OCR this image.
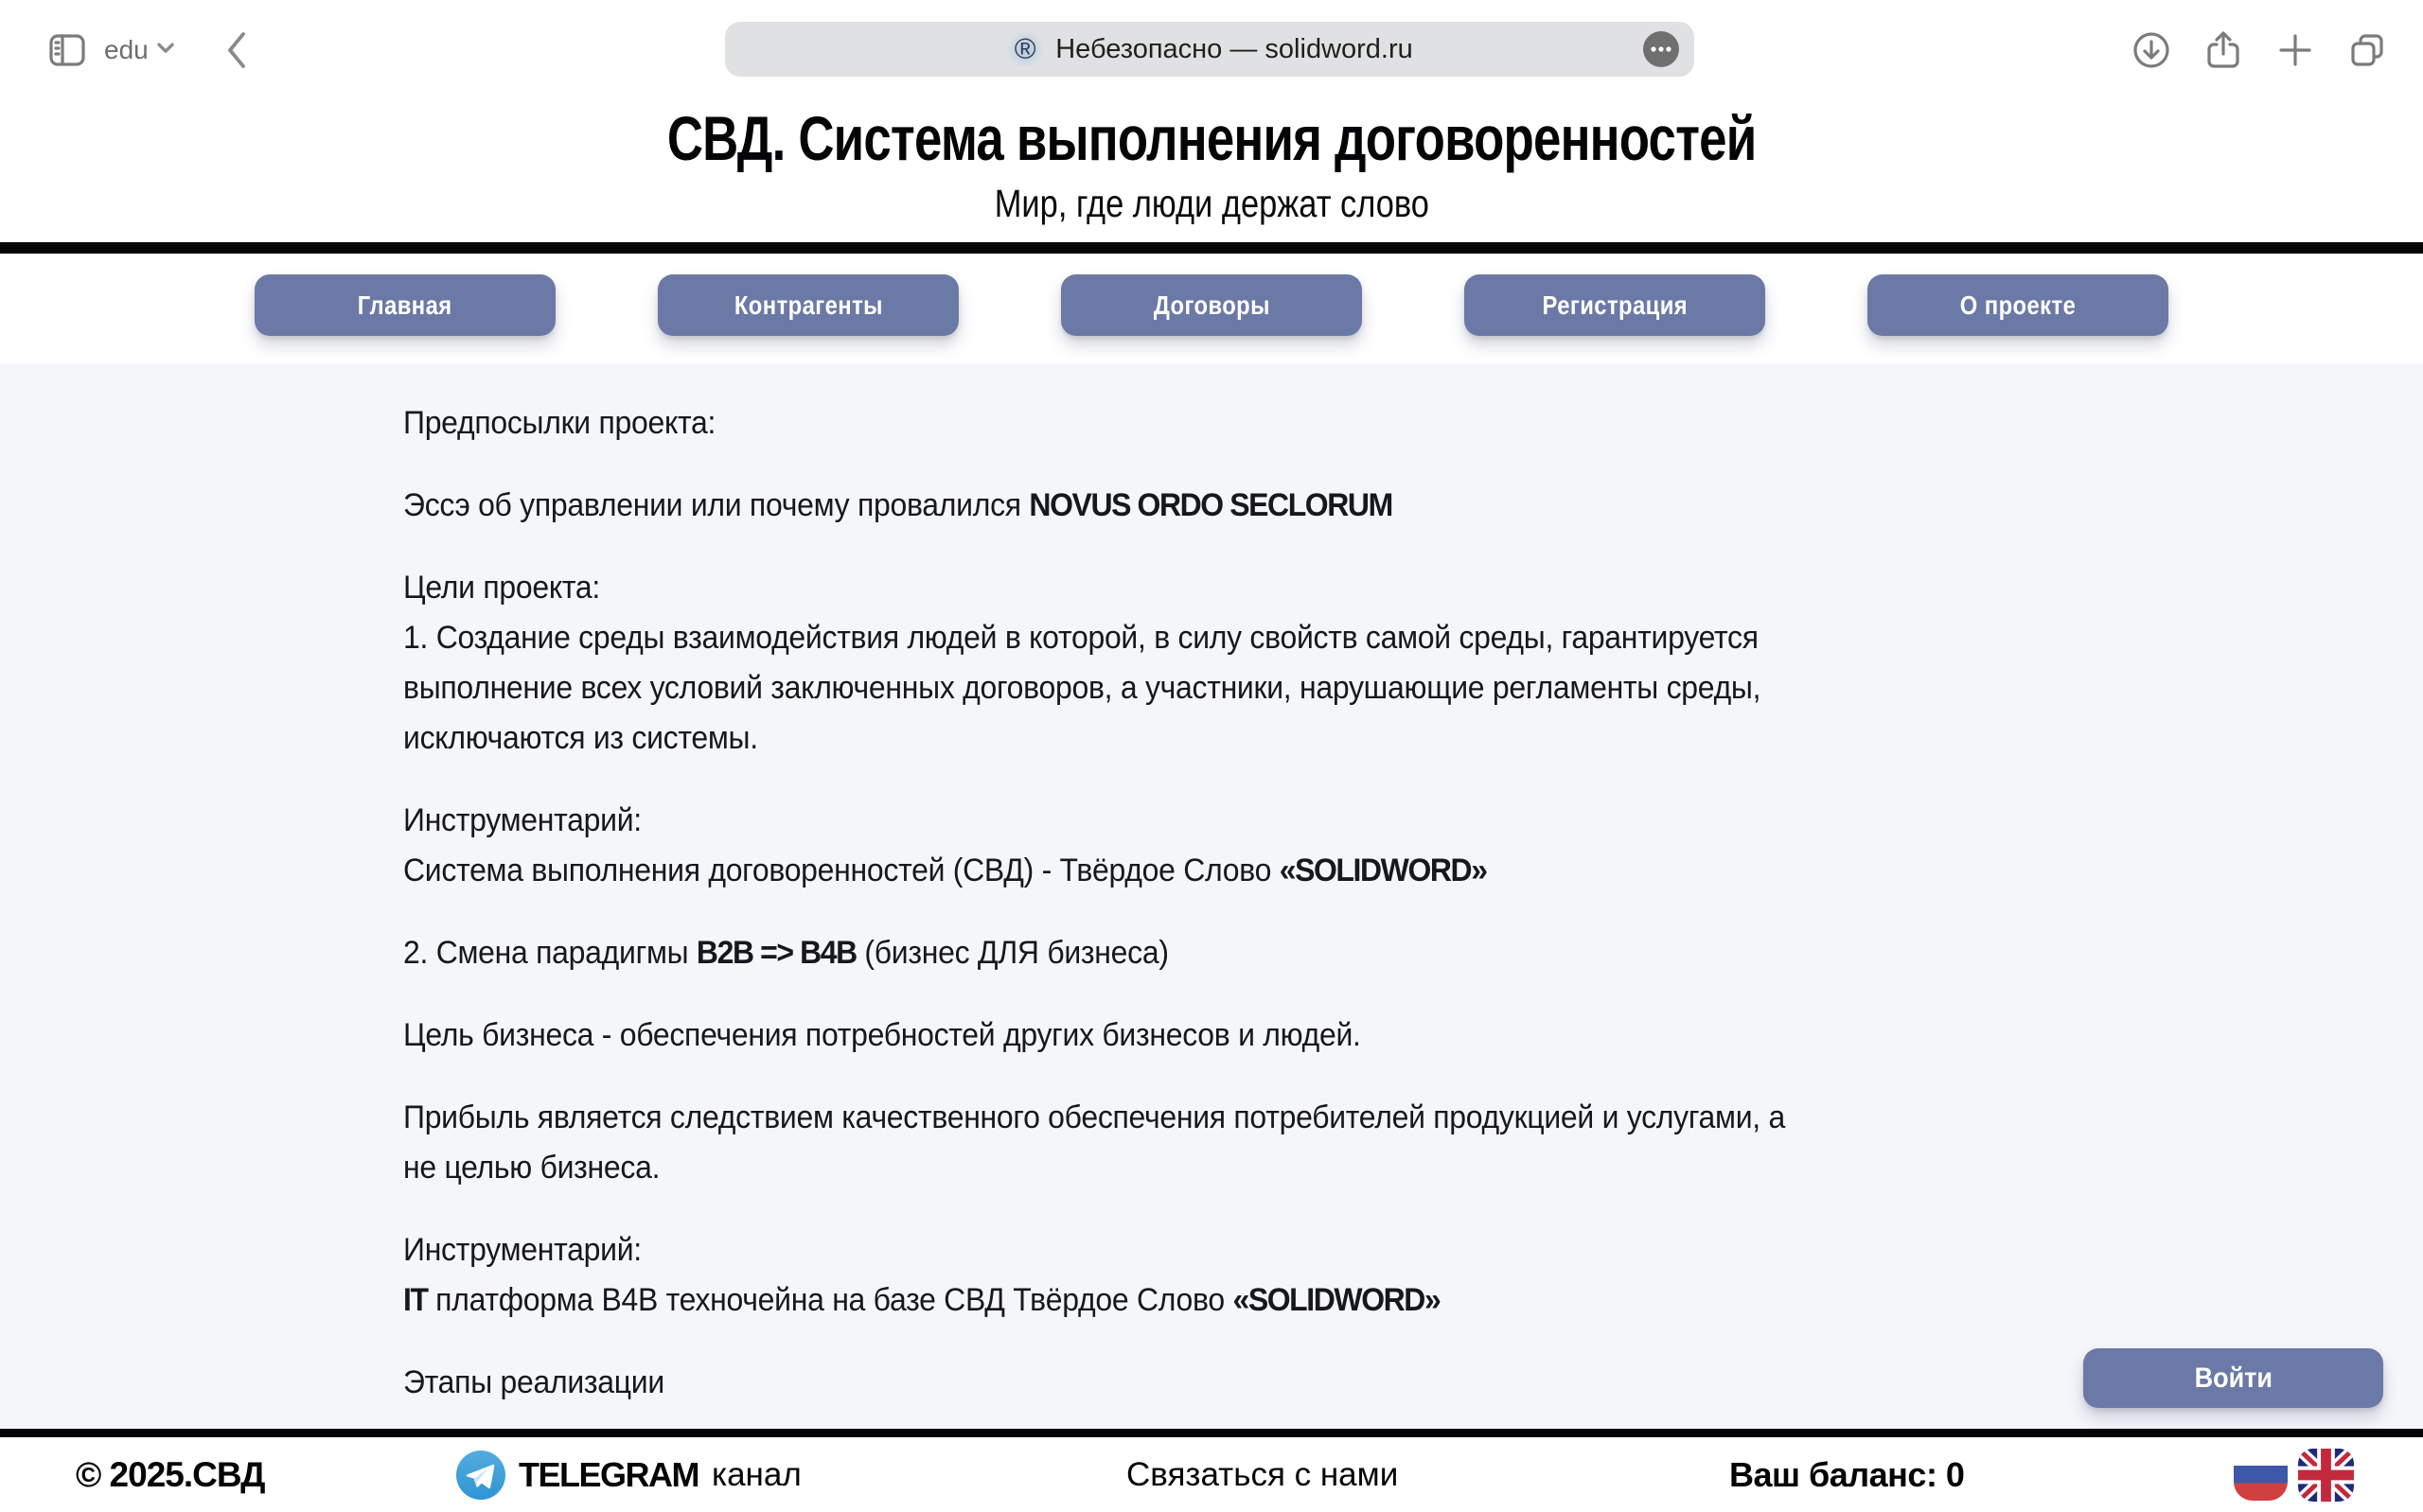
edu	® Небезопасно — solidword.ru
СВД. Система выполнения договоренностей
Мир, где люди держат слово
Главная	Контрагенты	Договоры	Регистрация	О проекте
Предпосылки проекта:
Эссэ об управлении или почему провалился NOVUS ORDO SECLORUM
Цели проекта:
1. Создание среды взаимодействия людей в которой, в силу свойств самой среды, гарантируется
выполнение всех условий заключенных договоров, а участники, нарушающие регламенты среды,
исключаются из системы.
Инструментарий:
Система выполнения договоренностей (СВД) - Твёрдое Слово «SOLIDWORD»
2. Смена парадигмы B2B => B4B (бизнес ДЛЯ бизнеса)
Цель бизнеса - обеспечения потребностей других бизнесов и людей.
Прибыль является следствием качественного обеспечения потребителей продукцией и услугами, а
не целью бизнеса.
Инструментарий:
IT платформа В4В техночейна на базе СВД Твёрдое Слово «SOLIDWORD»
Этапы реализации	Войти
© 2025.СВД	TELEGRAM канал	Связаться с нами	Ваш баланс: 0
